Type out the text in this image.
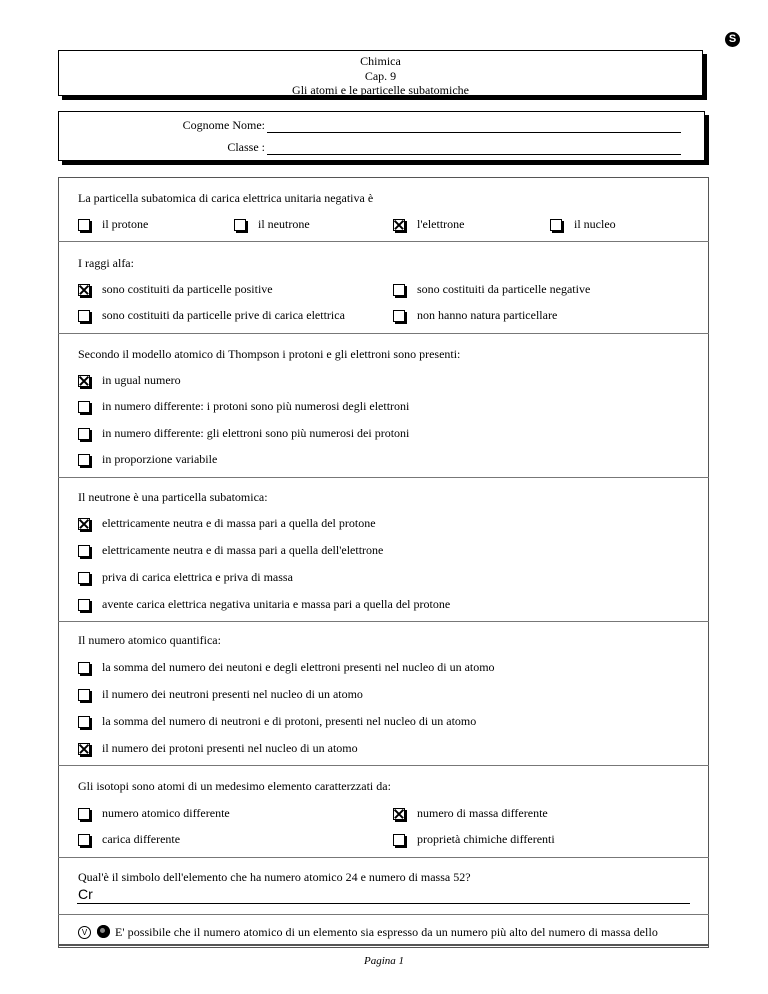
S
Chimica
Cap. 9
Gli atomi e le particelle subatomiche
Cognome Nome:
Classe :
La particella subatomica di carica elettrica unitaria negativa è
il protone	il neutrone	l'elettrone	il nucleo
I raggi alfa:
sono costituiti da particelle positive	sono costituiti da particelle negative
sono costituiti da particelle prive di carica elettrica	non hanno natura particellare
Secondo il modello atomico di Thompson i protoni e gli elettroni sono presenti:
in ugual numero
in numero differente: i protoni sono più numerosi degli elettroni
in numero differente: gli elettroni sono più numerosi dei protoni
in proporzione variabile
Il neutrone è una particella subatomica:
elettricamente neutra e di massa pari a quella del protone
elettricamente neutra e di massa pari a quella dell'elettrone
priva di carica elettrica e priva di massa
avente carica elettrica negativa unitaria e massa pari a quella del protone
Il numero atomico quantifica:
la somma del numero dei neutoni e degli elettroni presenti nel nucleo di un atomo
il numero dei neutroni presenti nel nucleo di un atomo
la somma del numero di neutroni e di protoni, presenti nel nucleo di un atomo
il numero dei protoni presenti nel nucleo di un atomo
Gli isotopi sono atomi di un medesimo elemento caratterzzati da:
numero atomico differente	numero di massa differente
carica differente	proprietà chimiche differenti
Qual'è il simbolo dell'elemento che ha numero atomico 24 e numero di massa 52?
Cr
V	E' possibile che il numero atomico di un elemento sia espresso da un numero più alto del numero di massa dello
Pagina 1
